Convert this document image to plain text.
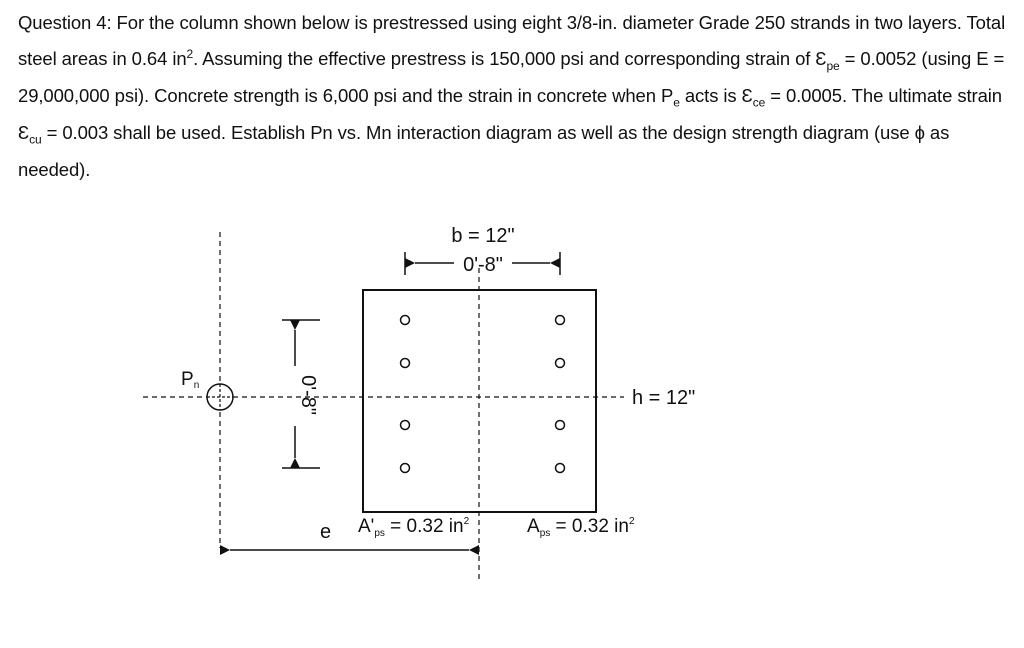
Question 4: For the column shown below is prestressed using eight 3/8-in. diameter Grade 250 strands in two layers. Total steel areas in 0.64 $in^2$. Assuming the effective prestress is 150,000 psi and corresponding strain of $Ɛ_{pe} = 0.0052$ (using E = 29,000,000 psi). Concrete strength is 6,000 psi and the strain in concrete when $P_e$ acts is $Ɛ_{ce} = 0.0005$. The ultimate strain $Ɛ_{cu} = 0.003$ shall be used. Establish Pn vs. Mn interaction diagram as well as the design strength diagram (use ϕ as needed).

0'-8"
b = 12"
0'-8"	h = 12"
Pn
e $A'_{ps} = 0.32$ $in^2$	$A_{ps} = 0.32$ $in^2$
